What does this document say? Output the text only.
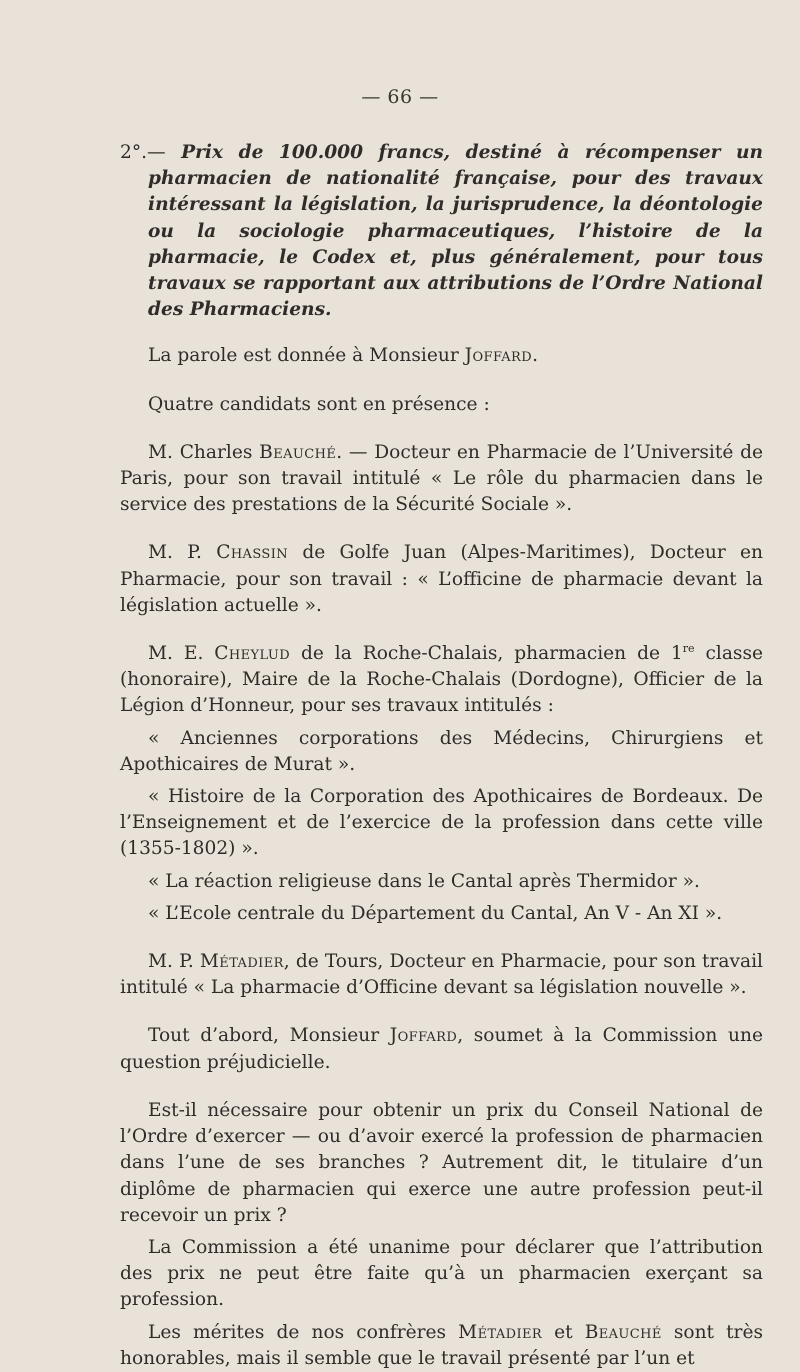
— 66 —

2°.— Prix de 100.000 francs, destiné à récompenser un pharmacien de nationalité française, pour des travaux intéressant la législation, la jurisprudence, la déontologie ou la sociologie pharmaceutiques, l’histoire de la pharmacie, le Codex et, plus généralement, pour tous travaux se rapportant aux attributions de l’Ordre National des Pharmaciens.

La parole est donnée à Monsieur Joffard.

Quatre candidats sont en présence :

M. Charles Beauché. — Docteur en Pharmacie de l’Université de Paris, pour son travail intitulé « Le rôle du pharmacien dans le service des prestations de la Sécurité Sociale ».

M. P. Chassin de Golfe Juan (Alpes-Maritimes), Docteur en Pharmacie, pour son travail : « L’officine de pharmacie devant la législation actuelle ».

M. E. Cheylud de la Roche-Chalais, pharmacien de 1re classe (honoraire), Maire de la Roche-Chalais (Dordogne), Officier de la Légion d’Honneur, pour ses travaux intitulés :

« Anciennes corporations des Médecins, Chirurgiens et Apothicaires de Murat ».

« Histoire de la Corporation des Apothicaires de Bordeaux. De l’Enseignement et de l’exercice de la profession dans cette ville (1355-1802) ».

« La réaction religieuse dans le Cantal après Thermidor ».

« L’Ecole centrale du Département du Cantal, An V - An XI ».

M. P. Métadier, de Tours, Docteur en Pharmacie, pour son travail intitulé « La pharmacie d’Officine devant sa législation nouvelle ».

Tout d’abord, Monsieur Joffard, soumet à la Commission une question préjudicielle.

Est-il nécessaire pour obtenir un prix du Conseil National de l’Ordre d’exercer — ou d’avoir exercé la profession de pharmacien dans l’une de ses branches ? Autrement dit, le titulaire d’un diplôme de pharmacien qui exerce une autre profession peut-il recevoir un prix ?

La Commission a été unanime pour déclarer que l’attribution des prix ne peut être faite qu’à un pharmacien exerçant sa profession.

Les mérites de nos confrères Métadier et Beauché sont très honorables, mais il semble que le travail présenté par l’un et
